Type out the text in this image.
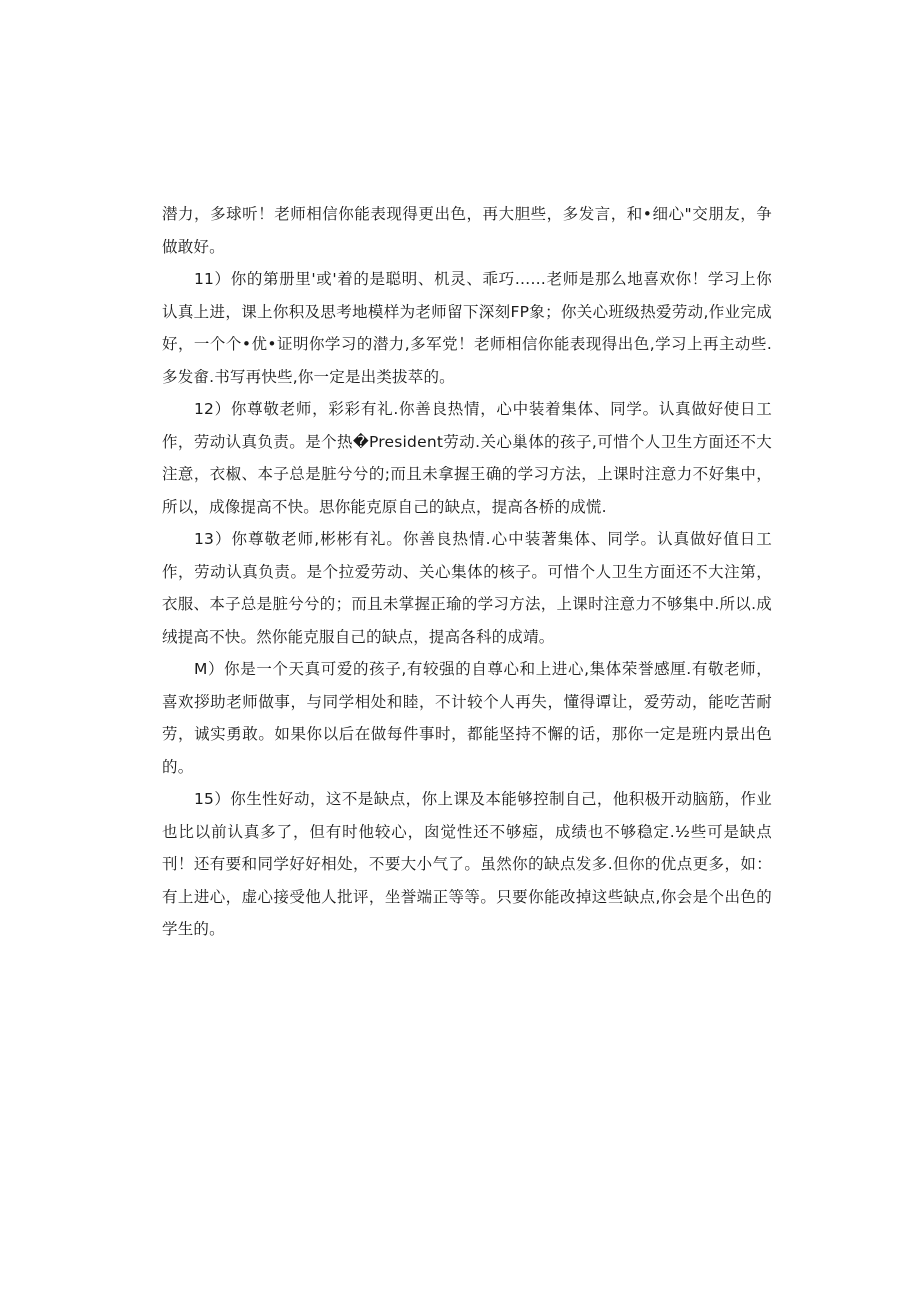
潜力，多球听！老师相信你能表现得更出色，再大胆些，多发言，和•细心"交朋友，争做敢好。

11）你的第册里'或'着的是聪明、机灵、乖巧……老师是那么地喜欢你！学习上你认真上进，课上你积及思考地模样为老师留下深刻FP象；你关心班级热爱劳动,作业完成好，一个个•优•证明你学习的潜力,多军党！老师相信你能表现得出色,学习上再主动些.多发畲.书写再快些,你一定是出类拔萃的。

12）你尊敬老师，彩彩有礼.你善良热情，心中装着集体、同学。认真做好使日工作，劳动认真负责。是个热�President劳动.关心巢体的孩子,可惜个人卫生方面还不大注意，衣椒、本子总是脏兮兮的;而且未拿握王确的学习方法，上课时注意力不好集中，所以，成像提高不快。思你能克原自己的缺点，提高各桥的成慌.

13）你尊敬老师,彬彬有礼。你善良热情.心中装著集体、同学。认真做好值日工作，劳动认真负责。是个拉爱劳动、关心集体的核子。可惜个人卫生方面还不大注第，衣服、本子总是脏兮兮的；而且未掌握正瑜的学习方法，上课时注意力不够集中.所以.成绒提高不快。然你能克服自己的缺点，提高各科的成靖。

M）你是一个天真可爱的孩子,有较强的自尊心和上进心,集体荣誉感厘.有敬老师，喜欢拶助老师做事，与同学相处和睦，不计较个人再失，懂得谭让，爱劳动，能吃苦耐劳，诚实勇敢。如果你以后在做每件事时，都能坚持不懈的话，那你一定是班内景出色的。

15）你生性好动，这不是缺点，你上课及本能够控制自己，他积极开动脑筋，作业也比以前认真多了，但有时他较心，囱觉性还不够瘂，成绩也不够稳定.½些可是缺点刊！还有要和同学好好相处，不要大小气了。虽然你的缺点发多.但你的优点更多，如：有上进心，虚心接受他人批评，坐誉端正等等。只要你能改掉这些缺点,你会是个出色的学生的。
